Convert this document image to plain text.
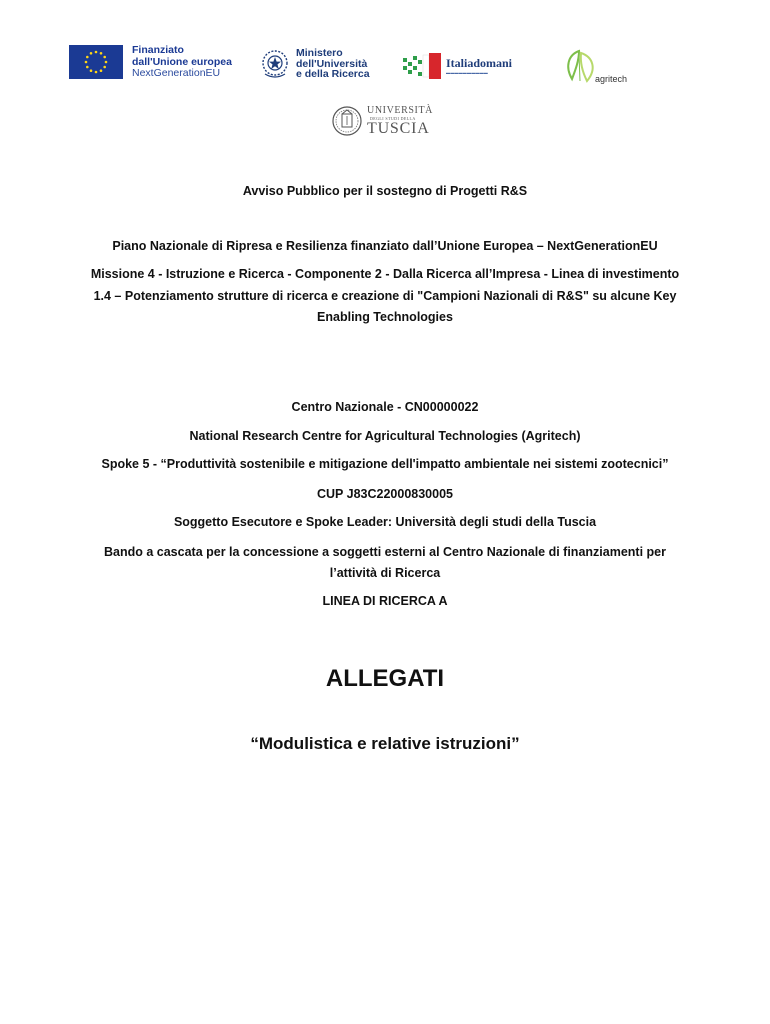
Finanziato
dall'Unione europea
NextGenerationEU
Ministero
dell'Università
e della Ricerca
Italiadomani
▬▬▬▬▬▬▬▬▬▬
agritech
UNIVERSITÀ
DEGLI STUDI DELLA
TUSCIA
Avviso Pubblico per il sostegno di Progetti R&S
Piano Nazionale di Ripresa e Resilienza finanziato dall’Unione Europea – NextGenerationEU
Missione 4 - Istruzione e Ricerca - Componente 2 - Dalla Ricerca all’Impresa - Linea di investimento
1.4 – Potenziamento strutture di ricerca e creazione di "Campioni Nazionali di R&S" su alcune Key
Enabling Technologies
Centro Nazionale - CN00000022
National Research Centre for Agricultural Technologies (Agritech)
Spoke 5 - “Produttività sostenibile e mitigazione dell'impatto ambientale nei sistemi zootecnici”
CUP J83C22000830005
Soggetto Esecutore e Spoke Leader: Università degli studi della Tuscia
Bando a cascata per la concessione a soggetti esterni al Centro Nazionale di finanziamenti per
l’attività di Ricerca
LINEA DI RICERCA A
ALLEGATI
“Modulistica e relative istruzioni”
